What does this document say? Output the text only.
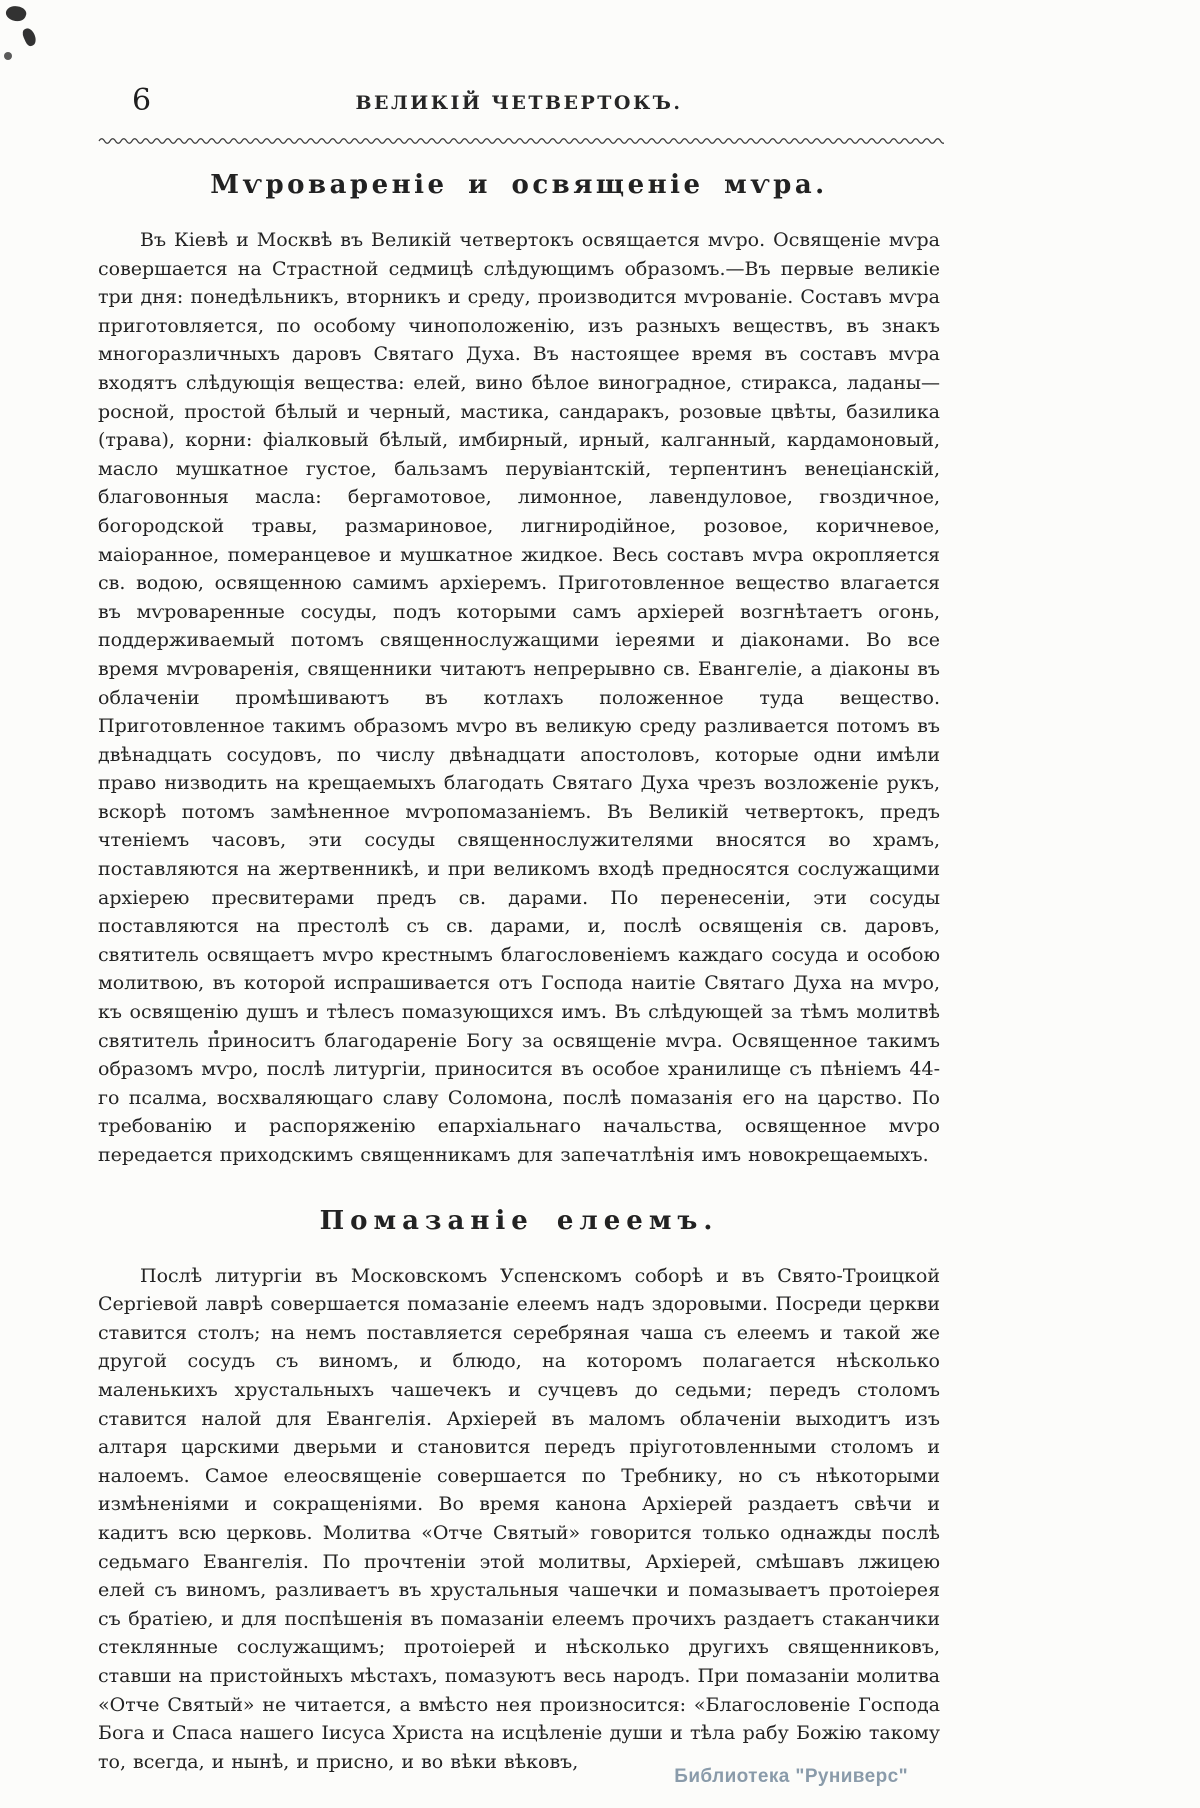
6	ВЕЛИКІЙ ЧЕТВЕРТОКЪ.
Мѵровареніе и освященіе мѵра.

Въ Кіевѣ и Москвѣ въ Великій четвертокъ освящается мѵро. Освященіе мѵра совершается на Страстной седмицѣ слѣдующимъ образомъ.—Въ первые великіе три дня: понедѣльникъ, вторникъ и среду, производится мѵрованіе. Составъ мѵра приготовляется, по особому чиноположенію, изъ разныхъ веществъ, въ знакъ многоразличныхъ даровъ Святаго Духа. Въ настоящее время въ составъ мѵра входятъ слѣдующія вещества: елей, вино бѣлое виноградное, стиракса, ладаны—росной, простой бѣлый и черный, мастика, сандаракъ, розовые цвѣты, базилика (трава), корни: фіалковый бѣлый, имбирный, ирный, калганный, кардамоновый, масло мушкатное густое, бальзамъ перувіантскій, терпентинъ венеціанскій, благовонныя масла: бергамотовое, лимонное, лавендуловое, гвоздичное, богородской травы, размариновое, лигниродійное, розовое, коричневое, маіоранное, померанцевое и мушкатное жидкое. Весь составъ мѵра окропляется св. водою, освященною самимъ архіеремъ. Приготовленное вещество влагается въ мѵроваренные сосуды, подъ которыми самъ архіерей возгнѣтаетъ огонь, поддерживаемый потомъ священнослужащими іереями и діаконами. Во все время мѵроваренія, священники читаютъ непрерывно св. Евангеліе, а діаконы въ облаченіи промѣшиваютъ въ котлахъ положенное туда вещество. Приготовленное такимъ образомъ мѵро въ великую среду разливается потомъ въ двѣнадцать сосудовъ, по числу двѣнадцати апостоловъ, которые одни имѣли право низводить на крещаемыхъ благодать Святаго Духа чрезъ возложеніе рукъ, вскорѣ потомъ замѣненное мѵропомазаніемъ. Въ Великій четвертокъ, предъ чтеніемъ часовъ, эти сосуды священнослужителями вносятся во храмъ, поставляются на жертвенникѣ, и при великомъ входѣ предносятся сослужащими архіерею пресвитерами предъ св. дарами. По перенесеніи, эти сосуды поставляются на престолѣ съ св. дарами, и, послѣ освященія св. даровъ, святитель освящаетъ мѵро крестнымъ благословеніемъ каждаго сосуда и особою молитвою, въ которой испрашивается отъ Господа наитіе Святаго Духа на мѵро, къ освященію душъ и тѣлесъ помазующихся имъ. Въ слѣдующей за тѣмъ молитвѣ святитель приноситъ благодареніе Богу за освященіе мѵра. Освященное такимъ образомъ мѵро, послѣ литургіи, приносится въ особое хранилище съ пѣніемъ 44-го псалма, восхваляющаго славу Соломона, послѣ помазанія его на царство. По требованію и распоряженію епархіальнаго начальства, освященное мѵро передается приходскимъ священникамъ для запечатлѣнія имъ новокрещаемыхъ.

Помазаніе елеемъ.

Послѣ литургіи въ Московскомъ Успенскомъ соборѣ и въ Свято-Троицкой Сергіевой лаврѣ совершается помазаніе елеемъ надъ здоровыми. Посреди церкви ставится столъ; на немъ поставляется серебряная чаша съ елеемъ и такой же другой сосудъ съ виномъ, и блюдо, на которомъ полагается нѣсколько маленькихъ хрустальныхъ чашечекъ и сучцевъ до седьми; передъ столомъ ставится налой для Евангелія. Архіерей въ маломъ облаченіи выходитъ изъ алтаря царскими дверьми и становится передъ пріуготовленными столомъ и налоемъ. Самое елеосвященіе совершается по Требнику, но съ нѣкоторыми измѣненіями и сокращеніями. Во время канона Архіерей раздаетъ свѣчи и кадитъ всю церковь. Молитва «Отче Святый» говорится только однажды послѣ седьмаго Евангелія. По прочтеніи этой молитвы, Архіерей, смѣшавъ лжицею елей съ виномъ, разливаетъ въ хрустальныя чашечки и помазываетъ протоіерея съ братіею, и для поспѣшенія въ помазаніи елеемъ прочихъ раздаетъ стаканчики стеклянные сослужащимъ; протоіерей и нѣсколько другихъ священниковъ, ставши на пристойныхъ мѣстахъ, помазуютъ весь народъ. При помазаніи молитва «Отче Святый» не читается, а вмѣсто нея произносится: «Благословеніе Господа Бога и Спаса нашего Іисуса Христа на исцѣленіе души и тѣла рабу Божію такому то, всегда, и нынѣ, и присно, и во вѣки вѣковъ,

Библиотека "Руниверс"
